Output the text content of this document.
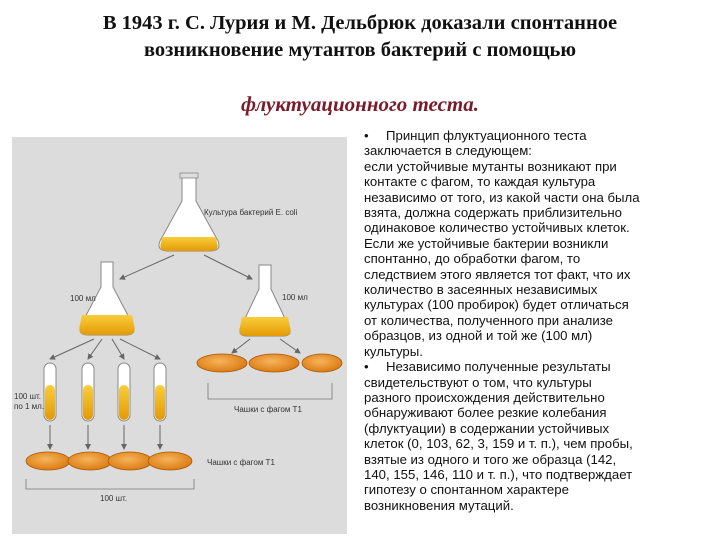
В 1943 г. С. Лурия и М. Дельбрюк доказали спонтанное
возникновение мутантов бактерий с помощью
флуктуационного теста.
Культура бактерий E. coli
100 мл	100 мл
Чашки с фагом Т1
100 шт.
по 1 мл.
Чашки с фагом Т1
100 шт.
• Принцип флуктуационного теста
заключается в следующем:
если устойчивые мутанты возникают при
контакте с фагом, то каждая культура
независимо от того, из какой части она была
взята, должна содержать приблизительно
одинаковое количество устойчивых клеток.
Если же устойчивые бактерии возникли
спонтанно, до обработки фагом, то
следствием этого является тот факт, что их
количество в засеянных независимых
культурах (100 пробирок) будет отличаться
от количества, полученного при анализе
образцов, из одной и той же (100 мл)
культуры.
• Независимо полученные результаты
свидетельствуют о том, что культуры
разного происхождения действительно
обнаруживают более резкие колебания
(флуктуации) в содержании устойчивых
клеток (0, 103, 62, 3, 159 и т. п.), чем пробы,
взятые из одного и того же образца (142,
140, 155, 146, 110 и т. п.), что подтверждает
гипотезу о спонтанном характере
возникновения мутаций.
